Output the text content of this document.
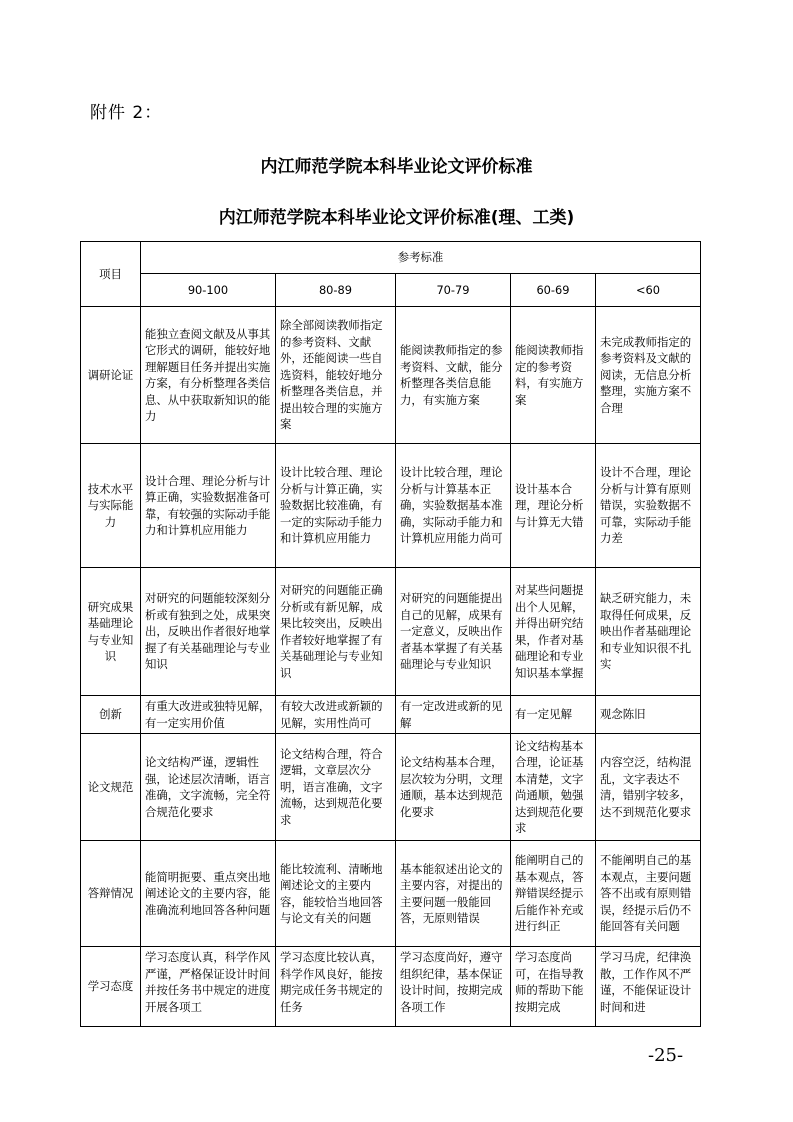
附件 2：
内江师范学院本科毕业论文评价标准
内江师范学院本科毕业论文评价标准(理、工类)
项目	参考标准				
	90-100	80-89	70-79	60-69	<60
调研论证	能独立查阅文献及从事其它形式的调研，能较好地理解题目任务并提出实施方案，有分析整理各类信息、从中获取新知识的能力	除全部阅读教师指定的参考资料、文献外，还能阅读一些自选资料，能较好地分析整理各类信息，并提出较合理的实施方案	能阅读教师指定的参考资料、文献，能分析整理各类信息能力，有实施方案	能阅读教师指定的参考资料，有实施方案	未完成教师指定的参考资料及文献的阅读，无信息分析整理，实施方案不合理
技术水平与实际能力	设计合理、理论分析与计算正确，实验数据准备可靠，有较强的实际动手能力和计算机应用能力	设计比较合理、理论分析与计算正确，实验数据比较准确，有一定的实际动手能力和计算机应用能力	设计比较合理，理论分析与计算基本正确，实验数据基本准确，实际动手能力和计算机应用能力尚可	设计基本合理，理论分析与计算无大错	设计不合理，理论分析与计算有原则错误，实验数据不可靠，实际动手能力差
研究成果基础理论与专业知识	对研究的问题能较深刻分析或有独到之处，成果突出，反映出作者很好地掌握了有关基础理论与专业知识	对研究的问题能正确分析或有新见解，成果比较突出，反映出作者较好地掌握了有关基础理论与专业知识	对研究的问题能提出自己的见解，成果有一定意义，反映出作者基本掌握了有关基础理论与专业知识	对某些问题提出个人见解，并得出研究结果，作者对基础理论和专业知识基本掌握	缺乏研究能力，未取得任何成果，反映出作者基础理论和专业知识很不扎实
创新	有重大改进或独特见解，有一定实用价值	有较大改进或新颖的见解，实用性尚可	有一定改进或新的见解	有一定见解	观念陈旧
论文规范	论文结构严谨，逻辑性强，论述层次清晰，语言准确，文字流畅，完全符合规范化要求	论文结构合理，符合逻辑，文章层次分明，语言准确，文字流畅，达到规范化要求	论文结构基本合理，层次较为分明，文理通顺，基本达到规范化要求	论文结构基本合理，论证基本清楚，文字尚通顺，勉强达到规范化要求	内容空泛，结构混乱，文字表达不清，错别字较多，达不到规范化要求
答辩情况	能简明扼要、重点突出地阐述论文的主要内容，能准确流利地回答各种问题	能比较流利、清晰地阐述论文的主要内容，能较恰当地回答与论文有关的问题	基本能叙述出论文的主要内容，对提出的主要问题一般能回答，无原则错误	能阐明自己的基本观点，答辩错误经提示后能作补充或进行纠正	不能阐明自己的基本观点，主要问题答不出或有原则错误，经提示后仍不能回答有关问题
学习态度	学习态度认真，科学作风严谨，严格保证设计时间并按任务书中规定的进度开展各项工	学习态度比较认真，科学作风良好，能按期完成任务书规定的任务	学习态度尚好，遵守组织纪律，基本保证设计时间，按期完成各项工作	学习态度尚可，在指导教师的帮助下能按期完成	学习马虎，纪律涣散，工作作风不严谨，不能保证设计时间和进
-25-
